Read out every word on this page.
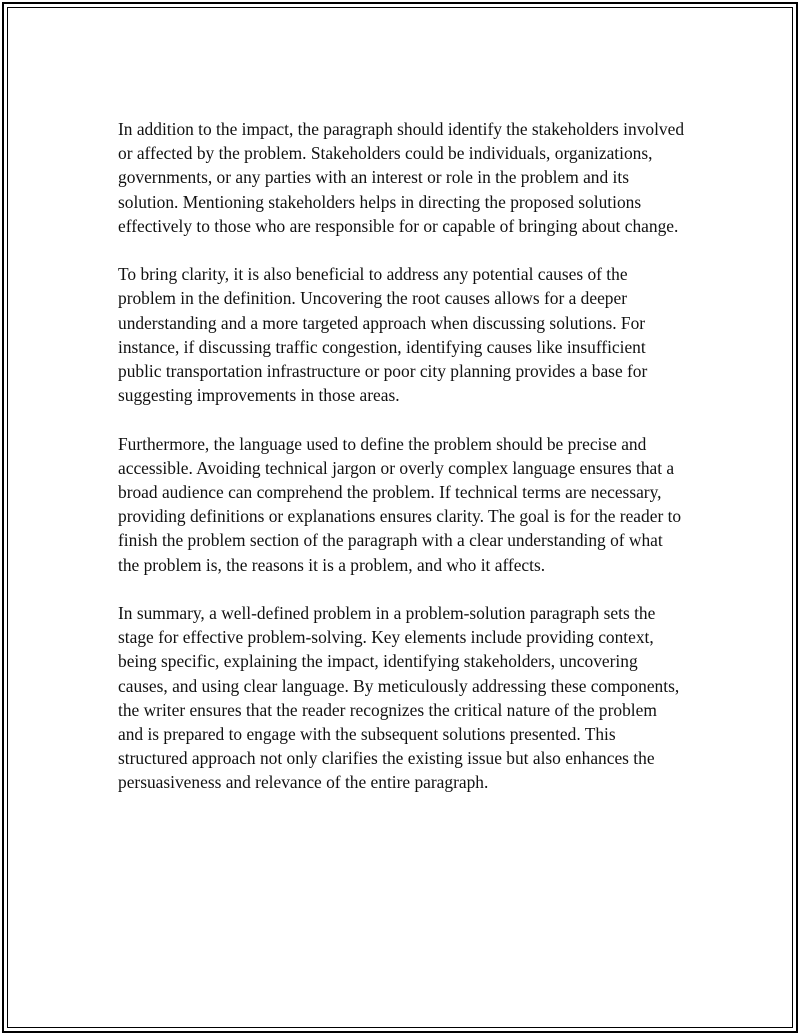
In addition to the impact, the paragraph should identify the stakeholders involved or affected by the problem. Stakeholders could be individuals, organizations, governments, or any parties with an interest or role in the problem and its solution. Mentioning stakeholders helps in directing the proposed solutions effectively to those who are responsible for or capable of bringing about change.

To bring clarity, it is also beneficial to address any potential causes of the problem in the definition. Uncovering the root causes allows for a deeper understanding and a more targeted approach when discussing solutions. For instance, if discussing traffic congestion, identifying causes like insufficient public transportation infrastructure or poor city planning provides a base for suggesting improvements in those areas.

Furthermore, the language used to define the problem should be precise and accessible. Avoiding technical jargon or overly complex language ensures that a broad audience can comprehend the problem. If technical terms are necessary, providing definitions or explanations ensures clarity. The goal is for the reader to finish the problem section of the paragraph with a clear understanding of what the problem is, the reasons it is a problem, and who it affects.

In summary, a well-defined problem in a problem-solution paragraph sets the stage for effective problem-solving. Key elements include providing context, being specific, explaining the impact, identifying stakeholders, uncovering causes, and using clear language. By meticulously addressing these components, the writer ensures that the reader recognizes the critical nature of the problem and is prepared to engage with the subsequent solutions presented. This structured approach not only clarifies the existing issue but also enhances the persuasiveness and relevance of the entire paragraph.
